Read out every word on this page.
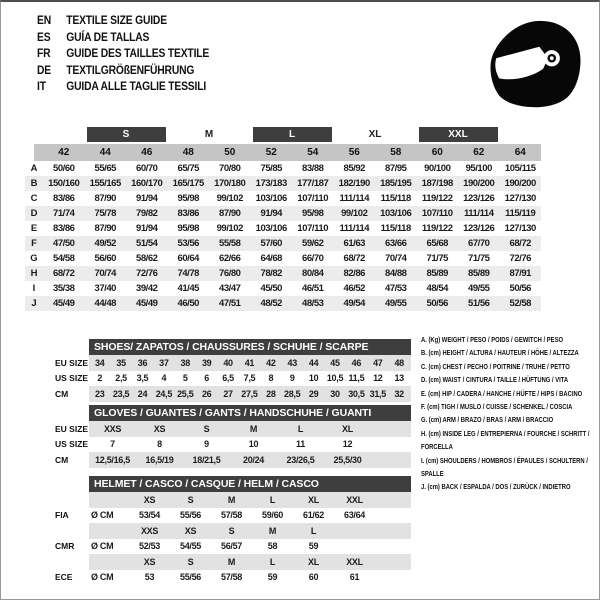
EN	TEXTILE SIZE GUIDE
ES	GUÍA DE TALLAS
FR	GUIDE DES TAILLES TEXTILE
DE	TEXTILGRÖßENFÜHRUNG
IT	GUIDA ALLE TAGLIE TESSILI
S	M	L	XL	XXL
42	44	46	48	50	52	54	56	58	60	62	64
A	50/60	55/65	60/70	65/75	70/80	75/85	83/88	85/92	87/95	90/100	95/100	105/115
B	150/160	155/165	160/170	165/175	170/180	173/183	177/187	182/190	185/195	187/198	190/200	190/200
C	83/86	87/90	91/94	95/98	99/102	103/106	107/110	111/114	115/118	119/122	123/126	127/130
D	71/74	75/78	79/82	83/86	87/90	91/94	95/98	99/102	103/106	107/110	111/114	115/119
E	83/86	87/90	91/94	95/98	99/102	103/106	107/110	111/114	115/118	119/122	123/126	127/130
F	47/50	49/52	51/54	53/56	55/58	57/60	59/62	61/63	63/66	65/68	67/70	68/72
G	54/58	56/60	58/62	60/64	62/66	64/68	66/70	68/72	70/74	71/75	71/75	72/76
H	68/72	70/74	72/76	74/78	76/80	78/82	80/84	82/86	84/88	85/89	85/89	87/91
I	35/38	37/40	39/42	41/45	43/47	45/50	46/51	46/52	47/53	48/54	49/55	50/56
J	45/49	44/48	45/49	46/50	47/51	48/52	48/53	49/54	49/55	50/56	51/56	52/58
SHOES/ ZAPATOS / CHAUSSURES / SCHUHE / SCARPE
EU SIZE 34	35	36	37	38	39	40	41	42	43	44	45	46	47	48
US SIZE	2	2,5	3,5	4	5	6	6,5	7,5	8	9	10 10,5 11,5 12	13
CM	23 23,5 24 24,5 25,5 26	27 27,5 28 28,5 29	30 30,5 31,5 32
GLOVES / GUANTES / GANTS / HANDSCHUHE / GUANTI
EU SIZE	XXS	XS	S	M	L	XL
US SIZE	7	8	9	10	11	12
CM	12,5/16,5	16,5/19	18/21,5	20/24	23/26,5	25,5/30
HELMET / CASCO / CASQUE / HELM / CASCO
XS	S	M	L	XL	XXL
FIA	Ø CM	53/54	55/56	57/58	59/60	61/62	63/64
XXS	XS	S	M	L
CMR	Ø CM	52/53	54/55	56/57	58	59
XS	S	M	L	XL	XXL
ECE	Ø CM	53	55/56	57/58	59	60	61
A. (Kg) WEIGHT / PESO / POIDS / GEWITCH / PESO
B. (cm) HEIGHT / ALTURA / HAUTEUR / HÖHE / ALTEZZA
C. (cm) CHEST / PECHO / POITRINE / TRUHE / PETTO
D. (cm) WAIST / CINTURA / TAILLE / HÜFTUNG / VITA
E. (cm) HIP / CADERA / HANCHE / HÜFTE / HIPS / BACINO
F. (cm) TIGH / MUSLO / CUISSE / SCHENKEL / COSCIA
G. (cm) ARM / BRAZO / BRAS / ARM / BRACCIO
H. (cm) INSIDE LEG / ENTREPIERNA / FOURCHE / SCHRITT / FORCELLA
I. (cm) SHOULDERS / HOMBROS / ÉPAULES / SCHULTERN / SPALLE
J. (cm) BACK / ESPALDA / DOS / ZURÜCK / INDIETRO
